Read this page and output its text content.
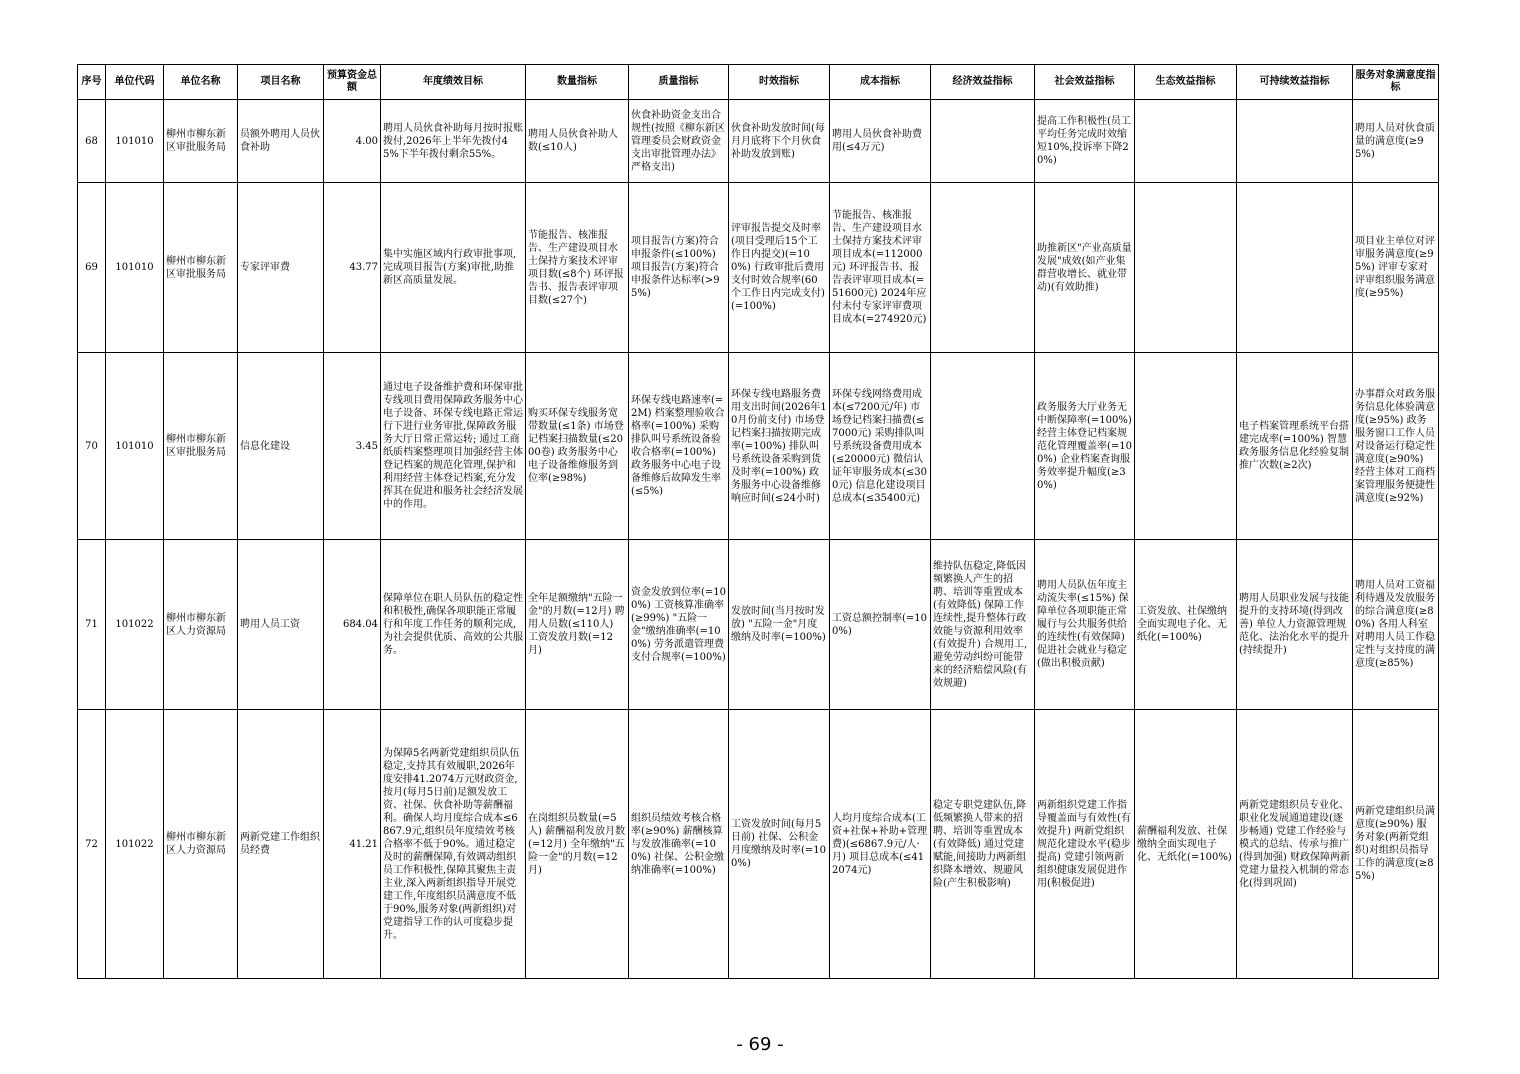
序号	单位代码	单位名称	项目名称	预算资金总额	年度绩效目标	数量指标	质量指标	时效指标	成本指标	经济效益指标	社会效益指标	生态效益指标	可持续效益指标	服务对象满意度指标
68	101010	柳州市柳东新区审批服务局	员额外聘用人员伙食补助	4.00	聘用人员伙食补助每月按时报账拨付,2026年上半年先拨付45%下半年拨付剩余55%。	聘用人员伙食补助人数(≤10人)	伙食补助资金支出合规性(按照《柳东新区管理委员会财政资金支出审批管理办法》严格支出)	伙食补助发放时间(每月月底将下个月伙食补助发放到账)	聘用人员伙食补助费用(≤4万元)		提高工作积极性(员工平均任务完成时效缩短10%,投诉率下降20%)			聘用人员对伙食质量的满意度(≥95%)
69	101010	柳州市柳东新区审批服务局	专家评审费	43.77	集中实施区域内行政审批事项,完成项目报告(方案)审批,助推新区高质量发展。	节能报告、核准报告、生产建设项目水土保持方案技术评审项目数(≤8个) 环评报告书、报告表评审项目数(≤27个)	项目报告(方案)符合申报条件(≤100%) 项目报告(方案)符合申报条件达标率(>95%)	评审报告提交及时率(项目受理后15个工作日内提交)(=100%) 行政审批后费用支付时效合规率(60个工作日内完成支付)(=100%)	节能报告、核准报告、生产建设项目水土保持方案技术评审项目成本(=112000元) 环评报告书、报告表评审项目成本(=51600元) 2024年应付未付专家评审费项目成本(=274920元)		助推新区"产业高质量发展"成效(如产业集群营收增长、就业带动)(有效助推)			项目业主单位对评审服务满意度(≥95%) 评审专家对评审组织服务满意度(≥95%)
70	101010	柳州市柳东新区审批服务局	信息化建设	3.45	通过电子设备维护费和环保审批专线项目费用保障政务服务中心电子设备、环保专线电路正常运行下进行业务审批,保障政务服务大厅日常正常运转; 通过工商纸质档案整理项目加强经营主体登记档案的规范化管理,保护和利用经营主体登记档案,充分发挥其在促进和服务社会经济发展中的作用。	购买环保专线服务宽带数量(≤1条) 市场登记档案扫描数量(≤2000卷) 政务服务中心电子设备维修服务到位率(≥98%)	环保专线电路速率(=2M) 档案整理验收合格率(=100%) 采购排队叫号系统设备验收合格率(=100%) 政务服务中心电子设备维修后故障发生率(≤5%)	环保专线电路服务费用支出时间(2026年10月份前支付) 市场登记档案扫描按期完成率(=100%) 排队叫号系统设备采购到货及时率(=100%) 政务服务中心设备维修响应时间(≤24小时)	环保专线网络费用成本(≤7200元/年) 市场登记档案扫描费(≤7000元) 采购排队叫号系统设备费用成本(≤20000元) 微信认证年审服务成本(≤300元) 信息化建设项目总成本(≤35400元)		政务服务大厅业务无中断保障率(=100%) 经营主体登记档案规范化管理覆盖率(=100%) 企业档案查询服务效率提升幅度(≥30%)		电子档案管理系统平台搭建完成率(=100%) 智慧政务服务信息化经验复制推广次数(≥2次)	办事群众对政务服务信息化体验满意度(≥95%) 政务服务窗口工作人员对设备运行稳定性满意度(≥90%) 经营主体对工商档案管理服务便捷性满意度(≥92%)
71	101022	柳州市柳东新区人力资源局	聘用人员工资	684.04	保障单位在职人员队伍的稳定性和积极性,确保各项职能正常履行和年度工作任务的顺利完成,为社会提供优质、高效的公共服务。	全年足额缴纳"五险一金"的月数(=12月) 聘用人员数(≤110人) 工资发放月数(=12月)	资金发放到位率(=100%) 工资核算准确率(≥99%) "五险一金"缴纳准确率(=100%) 劳务派遣管理费支付合规率(=100%)	发放时间(当月按时发放) "五险一金"月度缴纳及时率(=100%)	工资总额控制率(=100%)	维持队伍稳定,降低因频繁换人产生的招聘、培训等重置成本(有效降低) 保障工作连续性,提升整体行政效能与资源利用效率(有效提升) 合规用工,避免劳动纠纷可能带来的经济赔偿风险(有效规避)	聘用人员队伍年度主动流失率(≤15%) 保障单位各项职能正常履行与公共服务供给的连续性(有效保障) 促进社会就业与稳定(做出积极贡献)	工资发放、社保缴纳全面实现电子化、无纸化(=100%)	聘用人员职业发展与技能提升的支持环境(得到改善) 单位人力资源管理规范化、法治化水平的提升(持续提升)	聘用人员对工资福利待遇及发放服务的综合满意度(≥80%) 各用人科室对聘用人员工作稳定性与支持度的满意度(≥85%)
72	101022	柳州市柳东新区人力资源局	两新党建工作组织员经费	41.21	为保障5名两新党建组织员队伍稳定,支持其有效履职,2026年度安排41.2074万元财政资金,按月(每月5日前)足额发放工资、社保、伙食补助等薪酬福利。确保人均月度综合成本≤6867.9元,组织员年度绩效考核合格率不低于90%。通过稳定及时的薪酬保障,有效调动组织员工作积极性,保障其聚焦主责主业,深入两新组织指导开展党建工作,年度组织员满意度不低于90%,服务对象(两新组织)对党建指导工作的认可度稳步提升。	在岗组织员数量(=5人) 薪酬福利发放月数(=12月) 全年缴纳"五险一金"的月数(=12月)	组织员绩效考核合格率(≥90%) 薪酬核算与发放准确率(=100%) 社保、公积金缴纳准确率(=100%)	工资发放时间(每月5日前) 社保、公积金月度缴纳及时率(=100%)	人均月度综合成本(工资+社保+补助+管理费)(≤6867.9元/人·月) 项目总成本(≤412074元)	稳定专职党建队伍,降低频繁换人带来的招聘、培训等重置成本(有效降低) 通过党建赋能,间接助力两新组织降本增效、规避风险(产生积极影响)	两新组织党建工作指导覆盖面与有效性(有效提升) 两新党组织规范化建设水平(稳步提高) 党建引领两新组织健康发展促进作用(积极促进)	薪酬福利发放、社保缴纳全面实现电子化、无纸化(=100%)	两新党建组织员专业化、职业化发展通道建设(逐步畅通) 党建工作经验与模式的总结、传承与推广(得到加强) 财政保障两新党建力量投入机制的常态化(得到巩固)	两新党建组织员满意度(≥90%) 服务对象(两新党组织)对组织员指导工作的满意度(≥85%)
- 69 -
